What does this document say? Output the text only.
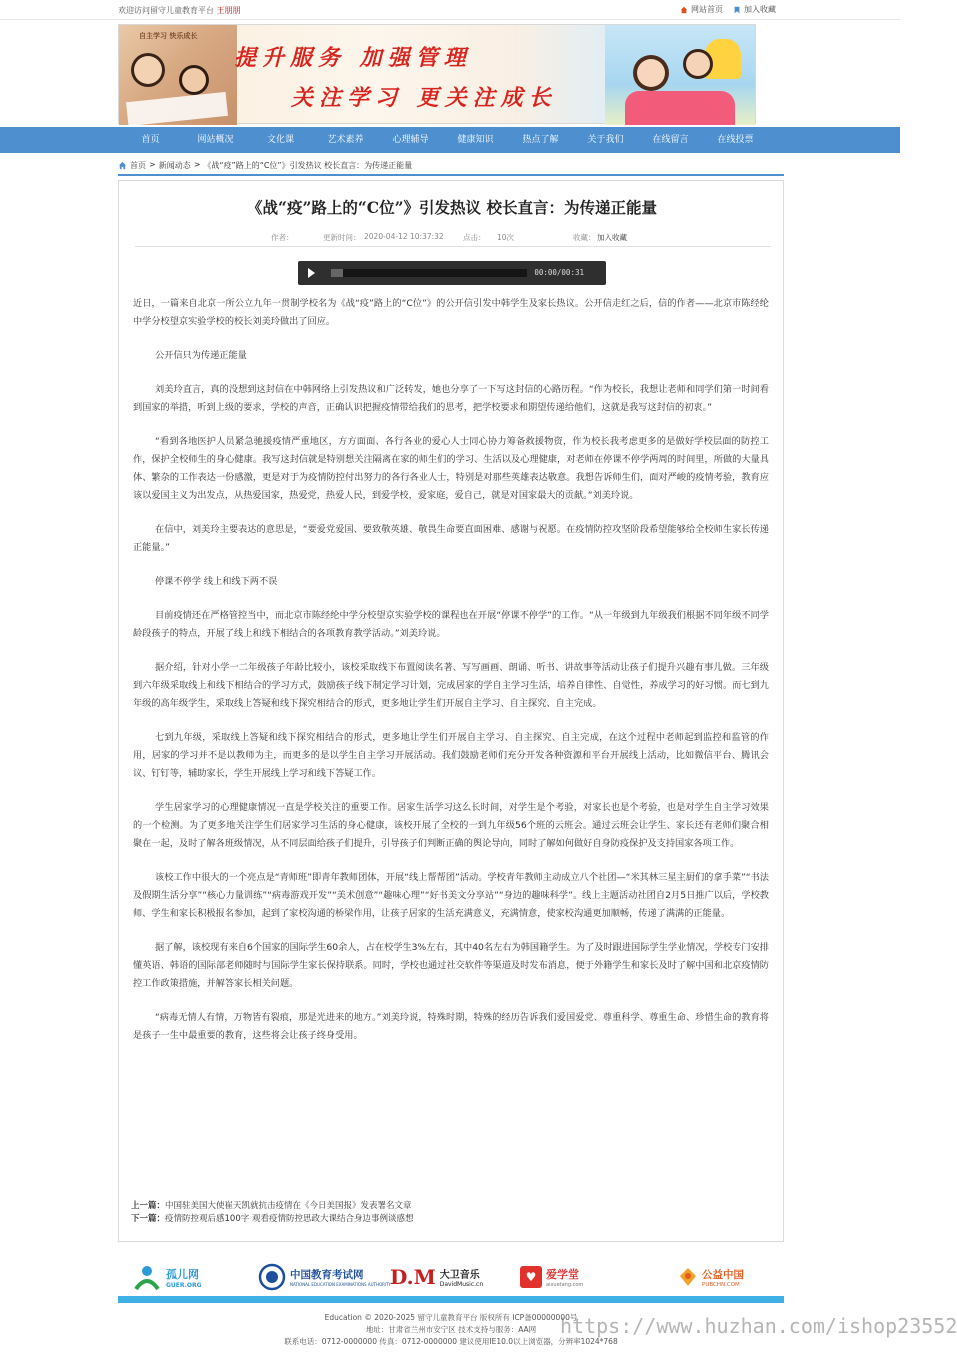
欢迎访问留守儿童教育平台 王朋朋	网站首页	加入收藏
自主学习 快乐成长
提升服务 加强管理
关注学习 更关注成长
首页	网站概况	文化课	艺术素养	心理辅导	健康知识	热点了解	关于我们	在线留言	在线投票
首页 > 新闻动态 > 《战“疫”路上的“C位”》引发热议 校长直言：为传递正能量
《战“疫”路上的“C位”》引发热议 校长直言：为传递正能量
作者：	更新时间： 2020-04-12 10:37:32	点击： 10次	收藏： 加入收藏
00:00/00:31

近日，一篇来自北京一所公立九年一贯制学校名为《战“疫”路上的“C位”》的公开信引发中韩学生及家长热议。公开信走红之后，信的作者——北京市陈经纶中学分校望京实验学校的校长刘美玲做出了回应。

公开信只为传递正能量

刘美玲直言，真的没想到这封信在中韩网络上引发热议和广泛转发，她也分享了一下写这封信的心路历程。“作为校长，我想让老师和同学们第一时间看到国家的举措，听到上级的要求，学校的声音，正确认识把握疫情带给我们的思考，把学校要求和期望传递给他们，这就是我写这封信的初衷。”

“看到各地医护人员紧急驰援疫情严重地区，方方面面、各行各业的爱心人士同心协力筹备救援物资，作为校长我考虑更多的是做好学校层面的防控工作，保护全校师生的身心健康。我写这封信就是特别想关注隔离在家的师生们的学习、生活以及心理健康，对老师在停课不停学两周的时间里，所做的大量具体、繁杂的工作表达一份感激，更是对于为疫情防控付出努力的各行各业人士，特别是对那些英雄表达敬意。我想告诉师生们，面对严峻的疫情考验，教育应该以爱国主义为出发点，从热爱国家，热爱党，热爱人民，到爱学校，爱家庭，爱自己，就是对国家最大的贡献。”刘美玲说。

在信中，刘美玲主要表达的意思是，“要爱党爱国、要致敬英雄、敬畏生命要直面困难、感谢与祝愿。在疫情防控攻坚阶段希望能够给全校师生家长传递正能量。”

停课不停学 线上和线下两不误

目前疫情还在严格管控当中，而北京市陈经纶中学分校望京实验学校的课程也在开展“停课不停学”的工作。“从一年级到九年级我们根据不同年级不同学龄段孩子的特点，开展了线上和线下相结合的各项教育教学活动。”刘美玲说。

据介绍，针对小学一二年级孩子年龄比较小，该校采取线下布置阅读名著、写写画画、朗诵、听书、讲故事等活动让孩子们提升兴趣有事儿做。三年级到六年级采取线上和线下相结合的学习方式，鼓励孩子线下制定学习计划，完成居家的学自主学习生活，培养自律性、自觉性，养成学习的好习惯。而七到九年级的高年级学生，采取线上答疑和线下探究相结合的形式，更多地让学生们开展自主学习、自主探究、自主完成。

七到九年级，采取线上答疑和线下探究相结合的形式，更多地让学生们开展自主学习、自主探究、自主完成，在这个过程中老师起到监控和监管的作用，居家的学习并不是以教师为主，而更多的是以学生自主学习开展活动。我们鼓励老师们充分开发各种资源和平台开展线上活动，比如微信平台、腾讯会议、钉钉等，辅助家长，学生开展线上学习和线下答疑工作。

学生居家学习的心理健康情况一直是学校关注的重要工作。居家生活学习这么长时间，对学生是个考验，对家长也是个考验，也是对学生自主学习效果的一个检测。为了更多地关注学生们居家学习生活的身心健康，该校开展了全校的一到九年级56个班的云班会。通过云班会让学生、家长还有老师们聚合相聚在一起，及时了解各班级情况，从不同层面给孩子们提升，引导孩子们判断正确的舆论导向，同时了解如何做好自身防疫保护及支持国家各项工作。

该校工作中很大的一个亮点是“青师班”即青年教师团体，开展“线上帮帮团”活动。学校青年教师主动成立八个社团—“米其林三星主厨们的拿手菜”“书法及假期生活分享”“核心力量训练”“病毒游戏开发”“美术创意”“趣味心理”“好书美文分享站”“身边的趣味科学”。线上主题活动社团自2月5日推广以后，学校教师、学生和家长积极报名参加，起到了家校沟通的桥梁作用，让孩子居家的生活充满意义，充满情意，使家校沟通更加顺畅，传递了满满的正能量。

据了解，该校现有来自6个国家的国际学生60余人，占在校学生3%左右，其中40名左右为韩国籍学生。为了及时跟进国际学生学业情况，学校专门安排懂英语、韩语的国际部老师随时与国际学生家长保持联系。同时，学校也通过社交软件等渠道及时发布消息，便于外籍学生和家长及时了解中国和北京疫情防控工作政策措施，并解答家长相关问题。

“病毒无情人有情，万物皆有裂痕，那是光进来的地方。”刘美玲说，特殊时期，特殊的经历告诉我们爱国爱党、尊重科学、尊重生命、珍惜生命的教育将是孩子一生中最重要的教育，这些将会让孩子终身受用。

上一篇：中国驻美国大使崔天凯就抗击疫情在《今日美国报》发表署名文章
下一篇：疫情防控观后感100字 观看疫情防控思政大课结合身边事例谈感想
孤儿网
GUER.ORG
中国教育考试网
NATIONAL EDUCATION EXAMINATIONS AUTHORITY D.M 大卫音乐
DavidMusic.cn
♥ 爱学堂
aixuetang.com
公益中国
PUBCHN.COM
Education © 2020-2025 留守儿童教育平台 版权所有 ICP备00000000号
地址：甘肃省兰州市安宁区 技术支持与服务：AA网
联系电话：0712-0000000 传真：0712-0000000 建议使用IE10.0以上浏览器，分辨率1024*768
https://www.huzhan.com/ishop23552
